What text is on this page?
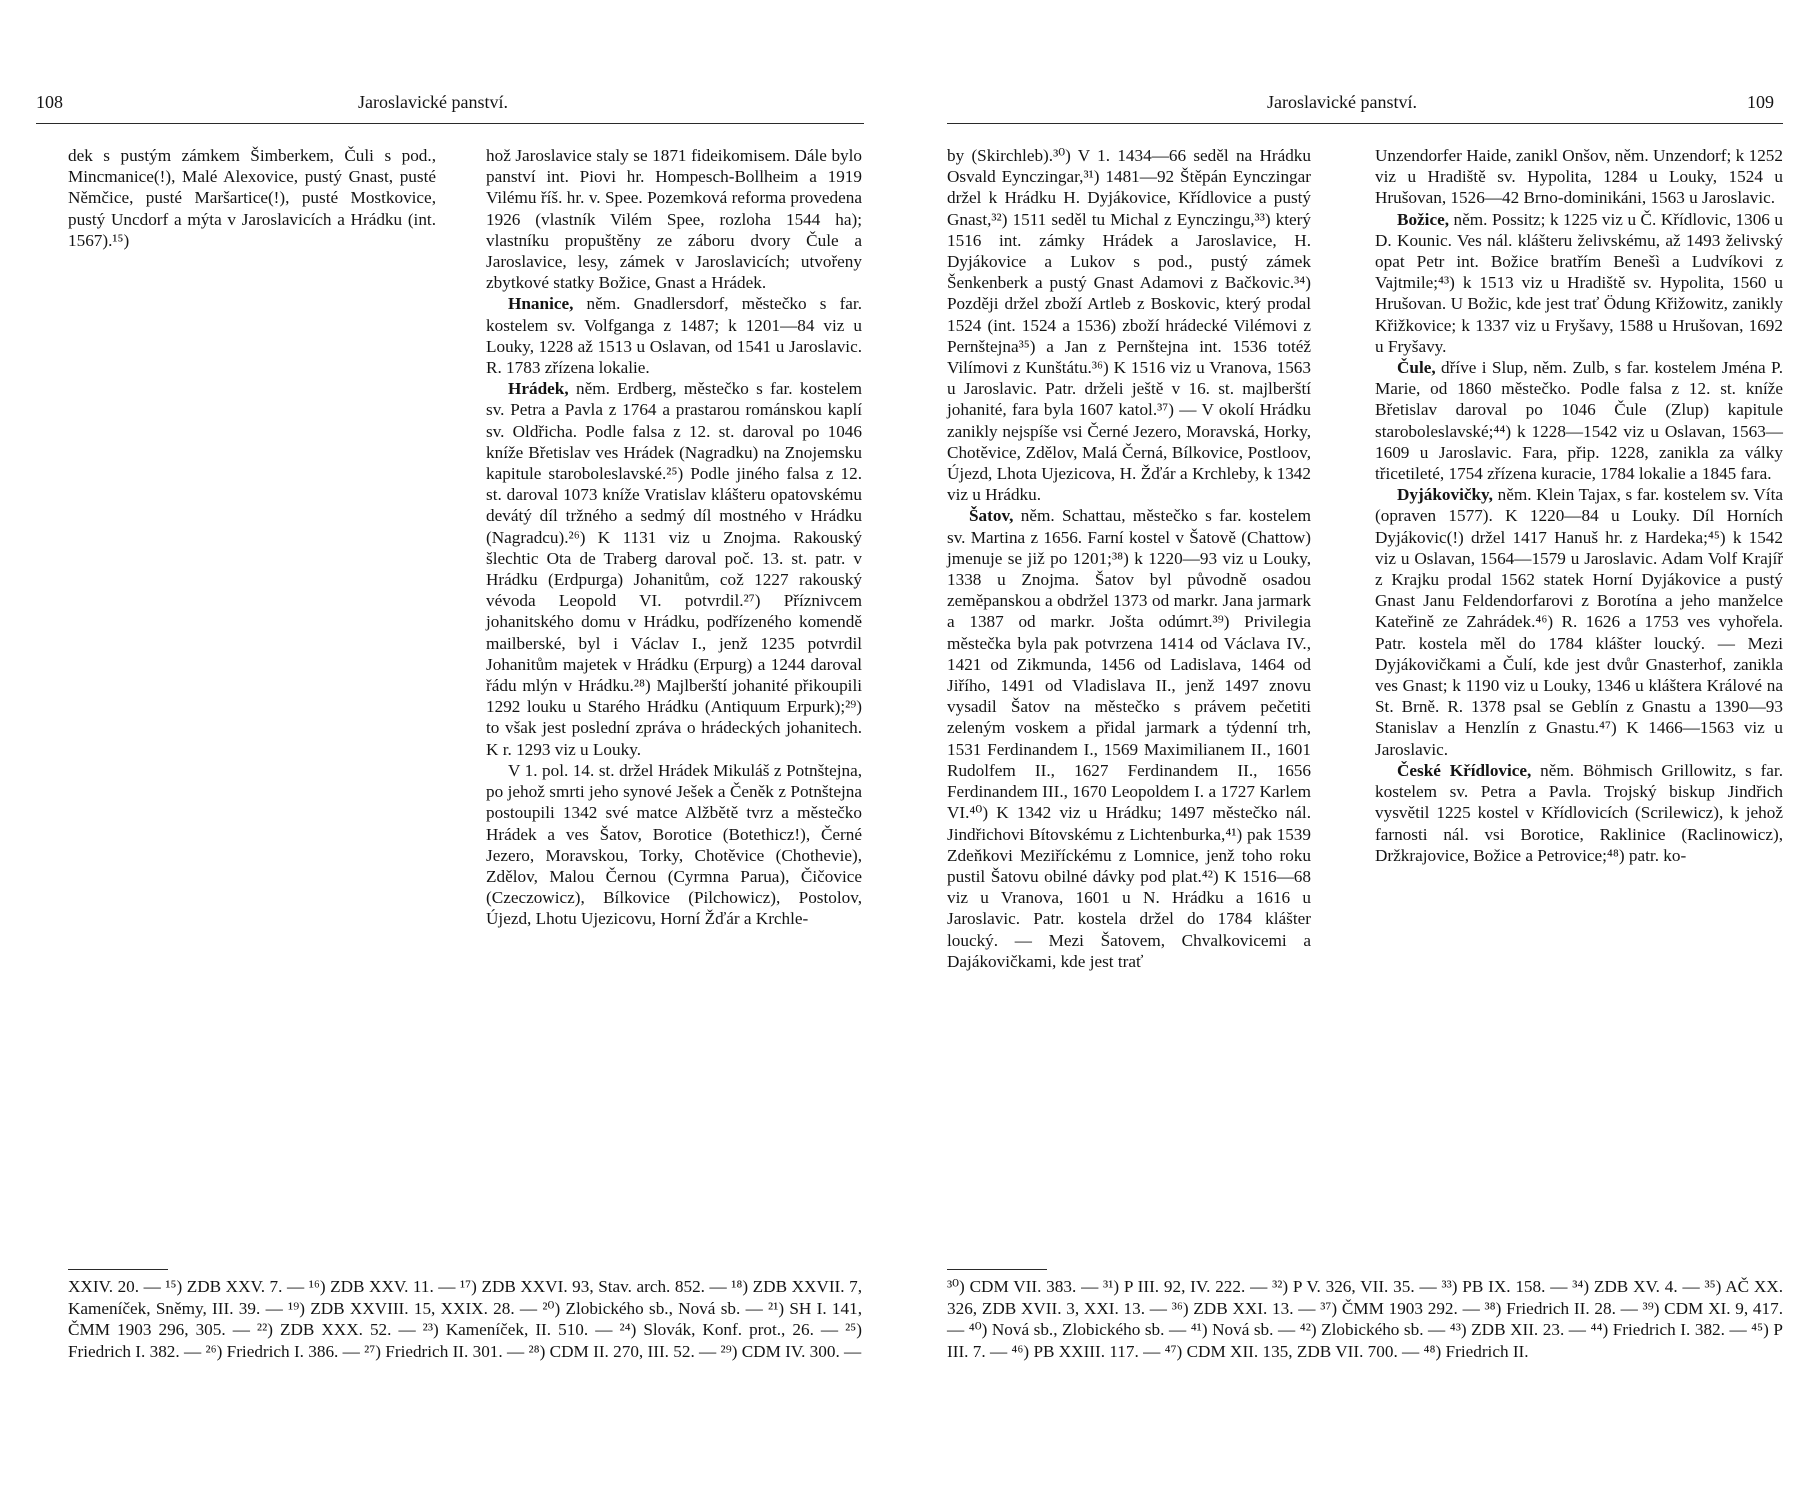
108	Jaroslavické panství.

dek s pustým zámkem Šimberkem, Čuli s pod., Mincmanice(!), Malé Alexovice, pustý Gnast, pusté Němčice, pusté Maršartice(!), pusté Mostkovice, pustý Uncdorf a mýta v Jaroslavicích a Hrádku (int. 1567).¹⁵)

hož Jaroslavice staly se 1871 fideikomisem. Dále bylo panství int. Piovi hr. Hompesch-Bollheim a 1919 Vilému říš. hr. v. Spee. Pozemková reforma provedena 1926 (vlastník Vilém Spee, rozloha 1544 ha); vlastníku propuštěny ze záboru dvory Čule a Jaroslavice, lesy, zámek v Jaroslavicích; utvořeny zbytkové statky Božice, Gnast a Hrádek.

Hnanice, něm. Gnadlersdorf, městečko s far. kostelem sv. Volfganga z 1487; k 1201—84 viz u Louky, 1228 až 1513 u Oslavan, od 1541 u Jaroslavic. R. 1783 zřízena lokalie.

Hrádek, něm. Erdberg, městečko s far. kostelem sv. Petra a Pavla z 1764 a prastarou románskou kaplí sv. Oldřicha. Podle falsa z 12. st. daroval po 1046 kníže Břetislav ves Hrádek (Nagradku) na Znojemsku kapitule staroboleslavské.²⁵) Podle jiného falsa z 12. st. daroval 1073 kníže Vratislav klášteru opatovskému devátý díl tržného a sedmý díl mostného v Hrádku (Nagradcu).²⁶) K 1131 viz u Znojma. Rakouský šlechtic Ota de Traberg daroval poč. 13. st. patr. v Hrádku (Erdpurga) Johanitům, což 1227 rakouský vévoda Leopold VI. potvrdil.²⁷) Příznivcem johanitského domu v Hrádku, podřízeného komendě mailberské, byl i Václav I., jenž 1235 potvrdil Johanitům majetek v Hrádku (Erpurg) a 1244 daroval řádu mlýn v Hrádku.²⁸) Majlberští johanité přikoupili 1292 louku u Starého Hrádku (Antiquum Erpurk);²⁹) to však jest poslední zpráva o hrádeckých johanitech. K r. 1293 viz u Louky.

V 1. pol. 14. st. držel Hrádek Mikuláš z Potnštejna, po jehož smrti jeho synové Ješek a Čeněk z Potnštejna postoupili 1342 své matce Alžbětě tvrz a městečko Hrádek a ves Šatov, Borotice (Botethicz!), Černé Jezero, Moravskou, Torky, Chotěvice (Chothevie), Zdělov, Malou Černou (Cyrmna Parua), Čičovice (Czeczowicz), Bílkovice (Pilchowicz), Postolov, Újezd, Lhotu Ujezicovu, Horní Žďár a Krchle-

XXIV. 20. — ¹⁵) ZDB XXV. 7. — ¹⁶) ZDB XXV. 11. — ¹⁷) ZDB XXVI. 93, Stav. arch. 852. — ¹⁸) ZDB XXVII. 7, Kameníček, Sněmy, III. 39. — ¹⁹) ZDB XXVIII. 15, XXIX. 28. — ²⁰) Zlobického sb., Nová sb. — ²¹) SH I. 141, ČMM 1903 296, 305. — ²²) ZDB XXX. 52. — ²³) Kameníček, II. 510. — ²⁴) Slovák, Konf. prot., 26. — ²⁵) Friedrich I. 382. — ²⁶) Friedrich I. 386. — ²⁷) Friedrich II. 301. — ²⁸) CDM II. 270, III. 52. — ²⁹) CDM IV. 300. —

Jaroslavické panství.	109

by (Skirchleb).³⁰) V 1. 1434—66 seděl na Hrádku Osvald Eynczingar,³¹) 1481—92 Štěpán Eynczingar držel k Hrádku H. Dyjákovice, Křídlovice a pustý Gnast,³²) 1511 seděl tu Michal z Eynczingu,³³) který 1516 int. zámky Hrádek a Jaroslavice, H. Dyjákovice a Lukov s pod., pustý zámek Šenkenberk a pustý Gnast Adamovi z Bačkovic.³⁴) Později držel zboží Artleb z Boskovic, který prodal 1524 (int. 1524 a 1536) zboží hrádecké Vilémovi z Pernštejna³⁵) a Jan z Pernštejna int. 1536 totéž Vilímovi z Kunštátu.³⁶) K 1516 viz u Vranova, 1563 u Jaroslavic. Patr. drželi ještě v 16. st. majlberští johanité, fara byla 1607 katol.³⁷) — V okolí Hrádku zanikly nejspíše vsi Černé Jezero, Moravská, Horky, Chotěvice, Zdělov, Malá Černá, Bílkovice, Postloov, Újezd, Lhota Ujezicova, H. Žďár a Krchleby, k 1342 viz u Hrádku.

Šatov, něm. Schattau, městečko s far. kostelem sv. Martina z 1656. Farní kostel v Šatově (Chattow) jmenuje se již po 1201;³⁸) k 1220—93 viz u Louky, 1338 u Znojma. Šatov byl původně osadou zeměpanskou a obdržel 1373 od markr. Jana jarmark a 1387 od markr. Jošta odúmrt.³⁹) Privilegia městečka byla pak potvrzena 1414 od Václava IV., 1421 od Zikmunda, 1456 od Ladislava, 1464 od Jiřího, 1491 od Vladislava II., jenž 1497 znovu vysadil Šatov na městečko s právem pečetiti zeleným voskem a přidal jarmark a týdenní trh, 1531 Ferdinandem I., 1569 Maximilianem II., 1601 Rudolfem II., 1627 Ferdinandem II., 1656 Ferdinandem III., 1670 Leopoldem I. a 1727 Karlem VI.⁴⁰) K 1342 viz u Hrádku; 1497 městečko nál. Jindřichovi Bítovskému z Lichtenburka,⁴¹) pak 1539 Zdeňkovi Meziříckému z Lomnice, jenž toho roku pustil Šatovu obilné dávky pod plat.⁴²) K 1516—68 viz u Vranova, 1601 u N. Hrádku a 1616 u Jaroslavic. Patr. kostela držel do 1784 klášter loucký. — Mezi Šatovem, Chvalkovicemi a Dajákovičkami, kde jest trať

Unzendorfer Haide, zanikl Onšov, něm. Unzendorf; k 1252 viz u Hradiště sv. Hypolita, 1284 u Louky, 1524 u Hrušovan, 1526—42 Brno-dominikáni, 1563 u Jaroslavic.

Božice, něm. Possitz; k 1225 viz u Č. Křídlovic, 1306 u D. Kounic. Ves nál. klášteru želivskému, až 1493 želivský opat Petr int. Božice bratřím Benešì a Ludvíkovi z Vajtmile;⁴³) k 1513 viz u Hradiště sv. Hypolita, 1560 u Hrušovan. U Božic, kde jest trať Ödung Křižowitz, zanikly Křižkovice; k 1337 viz u Fryšavy, 1588 u Hrušovan, 1692 u Fryšavy.

Čule, dříve i Slup, něm. Zulb, s far. kostelem Jména P. Marie, od 1860 městečko. Podle falsa z 12. st. kníže Břetislav daroval po 1046 Čule (Zlup) kapitule staroboleslavské;⁴⁴) k 1228—1542 viz u Oslavan, 1563—1609 u Jaroslavic. Fara, přip. 1228, zanikla za války třicetileté, 1754 zřízena kuracie, 1784 lokalie a 1845 fara.

Dyjákovičky, něm. Klein Tajax, s far. kostelem sv. Víta (opraven 1577). K 1220—84 u Louky. Díl Horních Dyjákovic(!) držel 1417 Hanuš hr. z Hardeka;⁴⁵) k 1542 viz u Oslavan, 1564—1579 u Jaroslavic. Adam Volf Krajíř z Krajku prodal 1562 statek Horní Dyjákovice a pustý Gnast Janu Feldendorfarovi z Borotína a jeho manželce Kateřině ze Zahrádek.⁴⁶) R. 1626 a 1753 ves vyhořela. Patr. kostela měl do 1784 klášter loucký. — Mezi Dyjákovičkami a Čulí, kde jest dvůr Gnasterhof, zanikla ves Gnast; k 1190 viz u Louky, 1346 u kláštera Králové na St. Brně. R. 1378 psal se Geblín z Gnastu a 1390—93 Stanislav a Henzlín z Gnastu.⁴⁷) K 1466—1563 viz u Jaroslavic.

České Křídlovice, něm. Böhmisch Grillowitz, s far. kostelem sv. Petra a Pavla. Trojský biskup Jindřich vysvětil 1225 kostel v Křídlovicích (Scrilewicz), k jehož farnosti nál. vsi Borotice, Raklinice (Raclinowicz), Držkrajovice, Božice a Petrovice;⁴⁸) patr. ko-

³⁰) CDM VII. 383. — ³¹) P III. 92, IV. 222. — ³²) P V. 326, VII. 35. — ³³) PB IX. 158. — ³⁴) ZDB XV. 4. — ³⁵) AČ XX. 326, ZDB XVII. 3, XXI. 13. — ³⁶) ZDB XXI. 13. — ³⁷) ČMM 1903 292. — ³⁸) Friedrich II. 28. — ³⁹) CDM XI. 9, 417. — ⁴⁰) Nová sb., Zlobického sb. — ⁴¹) Nová sb. — ⁴²) Zlobického sb. — ⁴³) ZDB XII. 23. — ⁴⁴) Friedrich I. 382. — ⁴⁵) P III. 7. — ⁴⁶) PB XXIII. 117. — ⁴⁷) CDM XII. 135, ZDB VII. 700. — ⁴⁸) Friedrich II.
